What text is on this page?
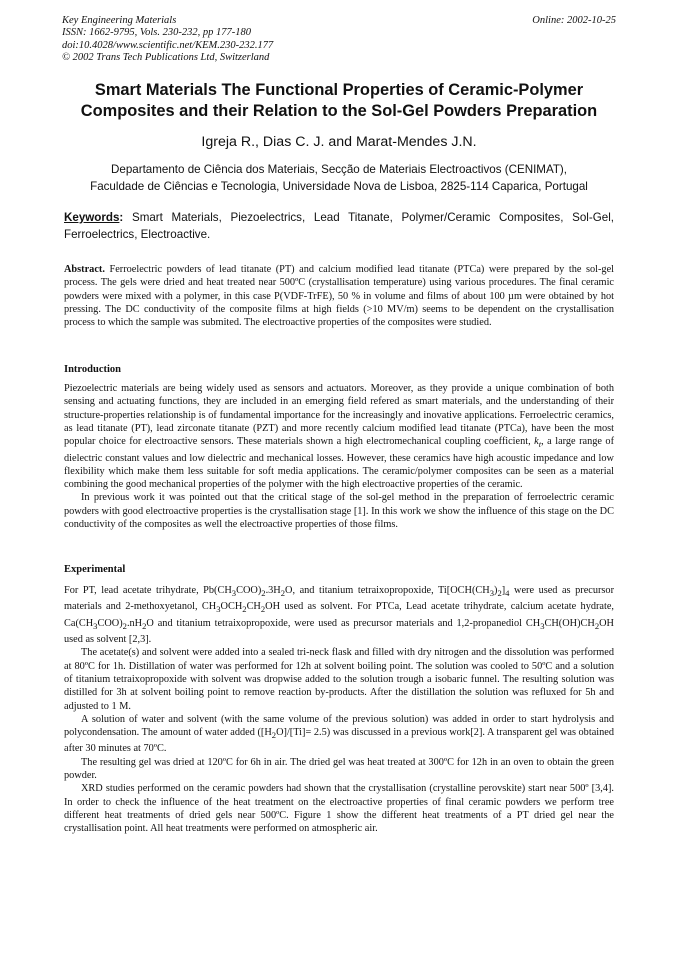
Key Engineering Materials
ISSN: 1662-9795, Vols. 230-232, pp 177-180
doi:10.4028/www.scientific.net/KEM.230-232.177
© 2002 Trans Tech Publications Ltd, Switzerland
Online: 2002-10-25
Smart Materials The Functional Properties of Ceramic-Polymer
Composites and their Relation to the Sol-Gel Powders Preparation
Igreja R., Dias C. J. and Marat-Mendes J.N.
Departamento de Ciência dos Materiais, Secção de Materiais Electroactivos (CENIMAT),
Faculdade de Ciências e Tecnologia, Universidade Nova de Lisboa, 2825-114 Caparica, Portugal
Keywords: Smart Materials, Piezoelectrics, Lead Titanate, Polymer/Ceramic Composites, Sol-Gel, Ferroelectrics, Electroactive.

Abstract. Ferroelectric powders of lead titanate (PT) and calcium modified lead titanate (PTCa) were prepared by the sol-gel process. The gels were dried and heat treated near 500ºC (crystallisation temperature) using various procedures. The final ceramic powders were mixed with a polymer, in this case P(VDF-TrFE), 50 % in volume and films of about 100 µm were obtained by hot pressing. The DC conductivity of the composite films at high fields (>10 MV/m) seems to be dependent on the crystallisation process to which the sample was submited. The electroactive properties of the composites were studied.

Introduction

Piezoelectric materials are being widely used as sensors and actuators. Moreover, as they provide a unique combination of both sensing and actuating functions, they are included in an emerging field refered as smart materials, and the understanding of their structure-properties relationship is of fundamental importance for the increasingly and inovative applications. Ferroelectric ceramics, as lead titanate (PT), lead zirconate titanate (PZT) and more recently calcium modified lead titanate (PTCa), have been the most popular choice for electroactive sensors. These materials shown a high electromechanical coupling coefficient, $k_t$, a large range of dielectric constant values and low dielectric and mechanical losses. However, these ceramics have high acoustic impedance and low flexibility which make them less suitable for soft media applications. The ceramic/polymer composites can be seen as a material combining the good mechanical properties of the polymer with the high electroactive properties of the ceramic.

In previous work it was pointed out that the critical stage of the sol-gel method in the preparation of ferroelectric ceramic powders with good electroactive properties is the crystallisation stage [1]. In this work we show the influence of this stage on the DC conductivity of the composites as well the electroactive properties of those films.

Experimental

For PT, lead acetate trihydrate, $Pb(CH_3COO)_2.3H_2O$, and titanium tetraixopropoxide, $Ti[OCH(CH_3)_2]_4$ were used as precursor materials and 2-methoxyetanol, $CH_3OCH_2CH_2OH$ used as solvent. For PTCa, Lead acetate trihydrate, calcium acetate hydrate, $Ca(CH_3COO)_2.nH_2O$ and titanium tetraixopropoxide, were used as precursor materials and 1,2-propanediol $CH_3CH(OH)CH_2OH$ used as solvent [2,3].

The acetate(s) and solvent were added into a sealed tri-neck flask and filled with dry nitrogen and the dissolution was performed at 80ºC for 1h. Distillation of water was performed for 12h at solvent boiling point. The solution was cooled to 50ºC and a solution of titanium tetraixopropoxide with solvent was dropwise added to the solution trough a isobaric funnel. The resulting solution was distilled for 3h at solvent boiling point to remove reaction by-products. After the distillation the solution was refluxed for 5h and adjusted to 1 M.

A solution of water and solvent (with the same volume of the previous solution) was added in order to start hydrolysis and polycondensation. The amount of water added $([H_2O]/[Ti]= 2.5)$ was discussed in a previous work[2]. A transparent gel was obtained after 30 minutes at 70ºC.

The resulting gel was dried at 120ºC for 6h in air. The dried gel was heat treated at 300ºC for 12h in an oven to obtain the green powder.

XRD studies performed on the ceramic powders had shown that the crystallisation (crystalline perovskite) start near 500º [3,4]. In order to check the influence of the heat treatment on the electroactive properties of final ceramic powders we perform tree different heat treatments of dried gels near 500ºC. Figure 1 show the different heat treatments of a PT dried gel near the crystallisation point. All heat treatments were performed on atmospheric air.
